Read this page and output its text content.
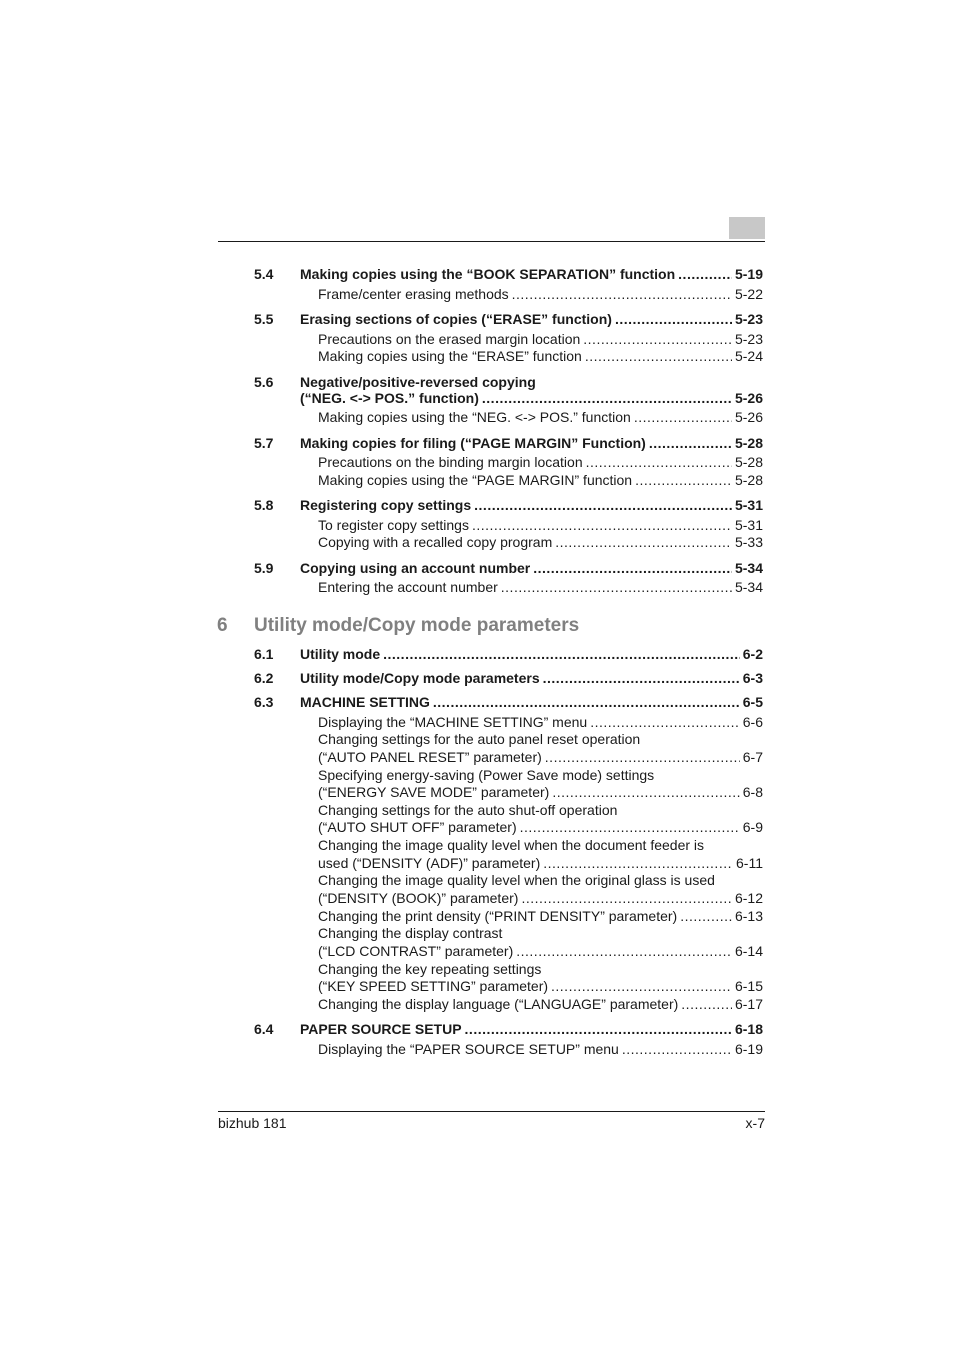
5.4 Making copies using the “BOOK SEPARATION” function .....	5-19
Frame/center erasing methods .....	5-22
5.5 Erasing sections of copies (“ERASE” function) .....	5-23
Precautions on the erased margin location .....	5-23
Making copies using the “ERASE” function .....	5-24
5.6 Negative/positive-reversed copying
(“NEG. <-> POS.” function) .....	5-26
Making copies using the “NEG. <-> POS.” function .....	5-26
5.7 Making copies for filing (“PAGE MARGIN” Function) .....	5-28
Precautions on the binding margin location .....	5-28
Making copies using the “PAGE MARGIN” function .....	5-28
5.8 Registering copy settings .....	5-31
To register copy settings .....	5-31
Copying with a recalled copy program .....	5-33
5.9 Copying using an account number .....	5-34
Entering the account number .....	5-34
6 Utility mode/Copy mode parameters
6.1 Utility mode .....	6-2
6.2 Utility mode/Copy mode parameters .....	6-3
6.3 MACHINE SETTING .....	6-5
Displaying the “MACHINE SETTING” menu .....	6-6
Changing settings for the auto panel reset operation
(“AUTO PANEL RESET” parameter) .....	6-7
Specifying energy-saving (Power Save mode) settings
(“ENERGY SAVE MODE” parameter) .....	6-8
Changing settings for the auto shut-off operation
(“AUTO SHUT OFF” parameter) .....	6-9
Changing the image quality level when the document feeder is
used (“DENSITY (ADF)” parameter) .....	6-11
Changing the image quality level when the original glass is used
(“DENSITY (BOOK)” parameter) .....	6-12
Changing the print density (“PRINT DENSITY” parameter) .....	6-13
Changing the display contrast
(“LCD CONTRAST” parameter) .....	6-14
Changing the key repeating settings
(“KEY SPEED SETTING” parameter) .....	6-15
Changing the display language (“LANGUAGE” parameter) .....	6-17
6.4 PAPER SOURCE SETUP .....	6-18
Displaying the “PAPER SOURCE SETUP” menu .....	6-19
bizhub 181	x-7
